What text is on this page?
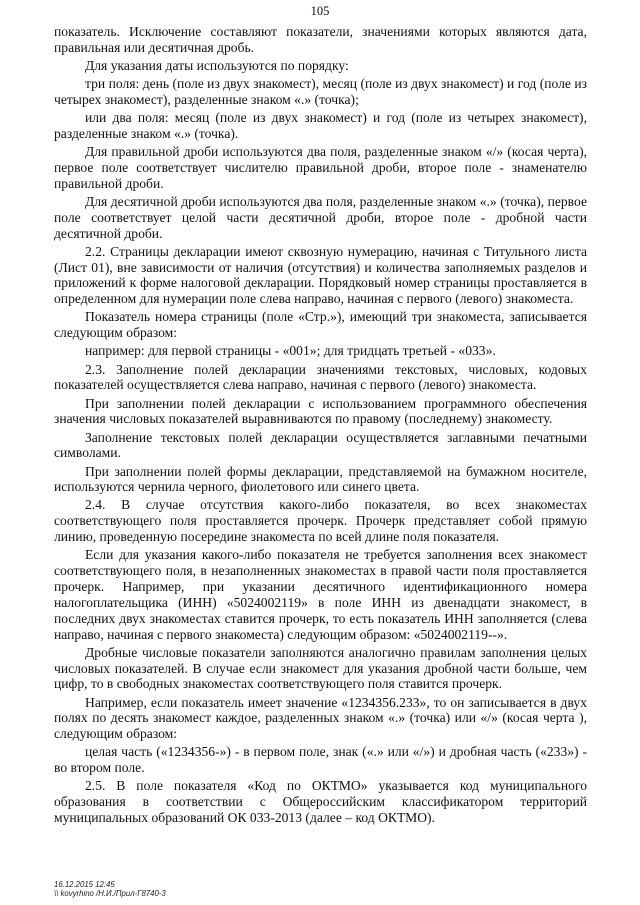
105

показатель. Исключение составляют показатели, значениями которых являются дата, правильная или десятичная дробь.

Для указания даты используются по порядку:

три поля: день (поле из двух знакомест), месяц (поле из двух знакомест) и год (поле из четырех знакомест), разделенные знаком «.» (точка);

или два поля: месяц (поле из двух знакомест) и год (поле из четырех знакомест), разделенные знаком «.» (точка).

Для правильной дроби используются два поля, разделенные знаком «/» (косая черта), первое поле соответствует числителю правильной дроби, второе поле - знаменателю правильной дроби.

Для десятичной дроби используются два поля, разделенные знаком «.» (точка), первое поле соответствует целой части десятичной дроби, второе поле - дробной части десятичной дроби.

2.2. Страницы декларации имеют сквозную нумерацию, начиная с Титульного листа (Лист 01), вне зависимости от наличия (отсутствия) и количества заполняемых разделов и приложений к форме налоговой декларации. Порядковый номер страницы проставляется в определенном для нумерации поле слева направо, начиная с первого (левого) знакоместа.

Показатель номера страницы (поле «Стр.»), имеющий три знакоместа, записывается следующим образом:

например: для первой страницы - «001»; для тридцать третьей - «033».

2.3. Заполнение полей декларации значениями текстовых, числовых, кодовых показателей осуществляется слева направо, начиная с первого (левого) знакоместа.

При заполнении полей декларации с использованием программного обеспечения значения числовых показателей выравниваются по правому (последнему) знакоместу.

Заполнение текстовых полей декларации осуществляется заглавными печатными символами.

При заполнении полей формы декларации, представляемой на бумажном носителе, используются чернила черного, фиолетового или синего цвета.

2.4. В случае отсутствия какого-либо показателя, во всех знакоместах соответствующего поля проставляется прочерк. Прочерк представляет собой прямую линию, проведенную посередине знакоместа по всей длине поля показателя.

Если для указания какого-либо показателя не требуется заполнения всех знакомест соответствующего поля, в незаполненных знакоместах в правой части поля проставляется прочерк. Например, при указании десятичного идентификационного номера налогоплательщика (ИНН) «5024002119» в поле ИНН из двенадцати знакомест, в последних двух знакоместах ставится прочерк, то есть показатель ИНН заполняется (слева направо, начиная с первого знакоместа) следующим образом: «5024002119--».

Дробные числовые показатели заполняются аналогично правилам заполнения целых числовых показателей. В случае если знакомест для указания дробной части больше, чем цифр, то в свободных знакоместах соответствующего поля ставится прочерк.

Например, если показатель имеет значение «1234356.233», то он записывается в двух полях по десять знакомест каждое, разделенных знаком «.» (точка) или «/» (косая черта ), следующим образом:

целая часть («1234356-») - в первом поле, знак («.» или «/») и дробная часть («233») - во втором поле.

2.5. В поле показателя «Код по ОКТМО» указывается код муниципального образования в соответствии с Общероссийским классификатором территорий муниципальных образований ОК 033-2013 (далее – код ОКТМО).

16.12.2015 12:45
\\ kovyrhino /Н.И./Прил-Г8740-3
